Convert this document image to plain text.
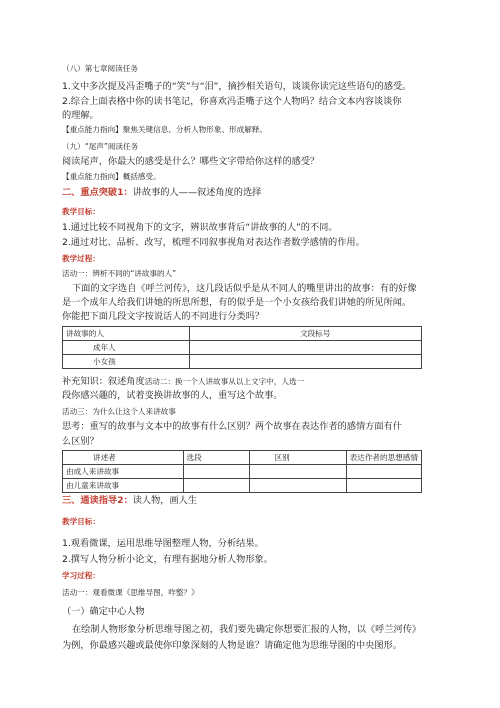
（八）第七章阅读任务
1.文中多次提及冯歪嘴子的“笑”与“泪”，摘抄相关语句，谈谈你读完这些语句的感受。
2.综合上面表格中你的读书笔记，你喜欢冯歪嘴子这个人物吗？结合文本内容谈谈你
的理解。
【重点能力指向】聚焦关键信息、分析人物形象、形成解释。
（九）“尾声”阅读任务
阅读尾声，你最大的感受是什么？哪些文字带给你这样的感受？
【重点能力指向】概括感受。
二、重点突破1：讲故事的人——叙述角度的选择
教学目标：
1.通过比较不同视角下的文字，辨识故事背后“讲故事的人”的不同。
2.通过对比、品析、改写，梳理不同叙事视角对表达作者数学感情的作用。
教学过程：
活动一：辨析不同的“讲故事的人”
下面的文字选自《呼兰河传》，这几段话似乎是从不同人的嘴里讲出的故事：有的好像
是一个成年人给我们讲她的所思所想，有的似乎是一个小女孩给我们讲她的所见所闻。
你能把下面几段文字按说话人的不同进行分类吗？
讲故事的人	文段标号
成年人	
小女孩	
补充知识：叙述角度活动二：换一个人讲故事从以上文字中，人选一
段你感兴趣的，试着变换讲故事的人，重写这个故事。
活动三：为什么让这个人来讲故事
思考：重写的故事与文本中的故事有什么区别？两个故事在表达作者的感情方面有什
么区别？
讲述者	选段	区别	表达作者的思想感情
由成人来讲故事			
由儿童来讲故事			
三、通读指导2：读人物，画人生
教学目标：
1.观看微课，运用思维导图整理人物，分析结果。
2.撰写人物分析小论文，有理有据地分析人物形象。
学习过程：
活动一：观看微课《思维导图，咋整？》
（一）确定中心人物
在绘制人物形象分析思维导图之初，我们要先确定你想要汇报的人物，以《呼兰河传》
为例，你最感兴趣或最使你印象深刻的人物是谁？请确定他为思维导图的中央图形。
